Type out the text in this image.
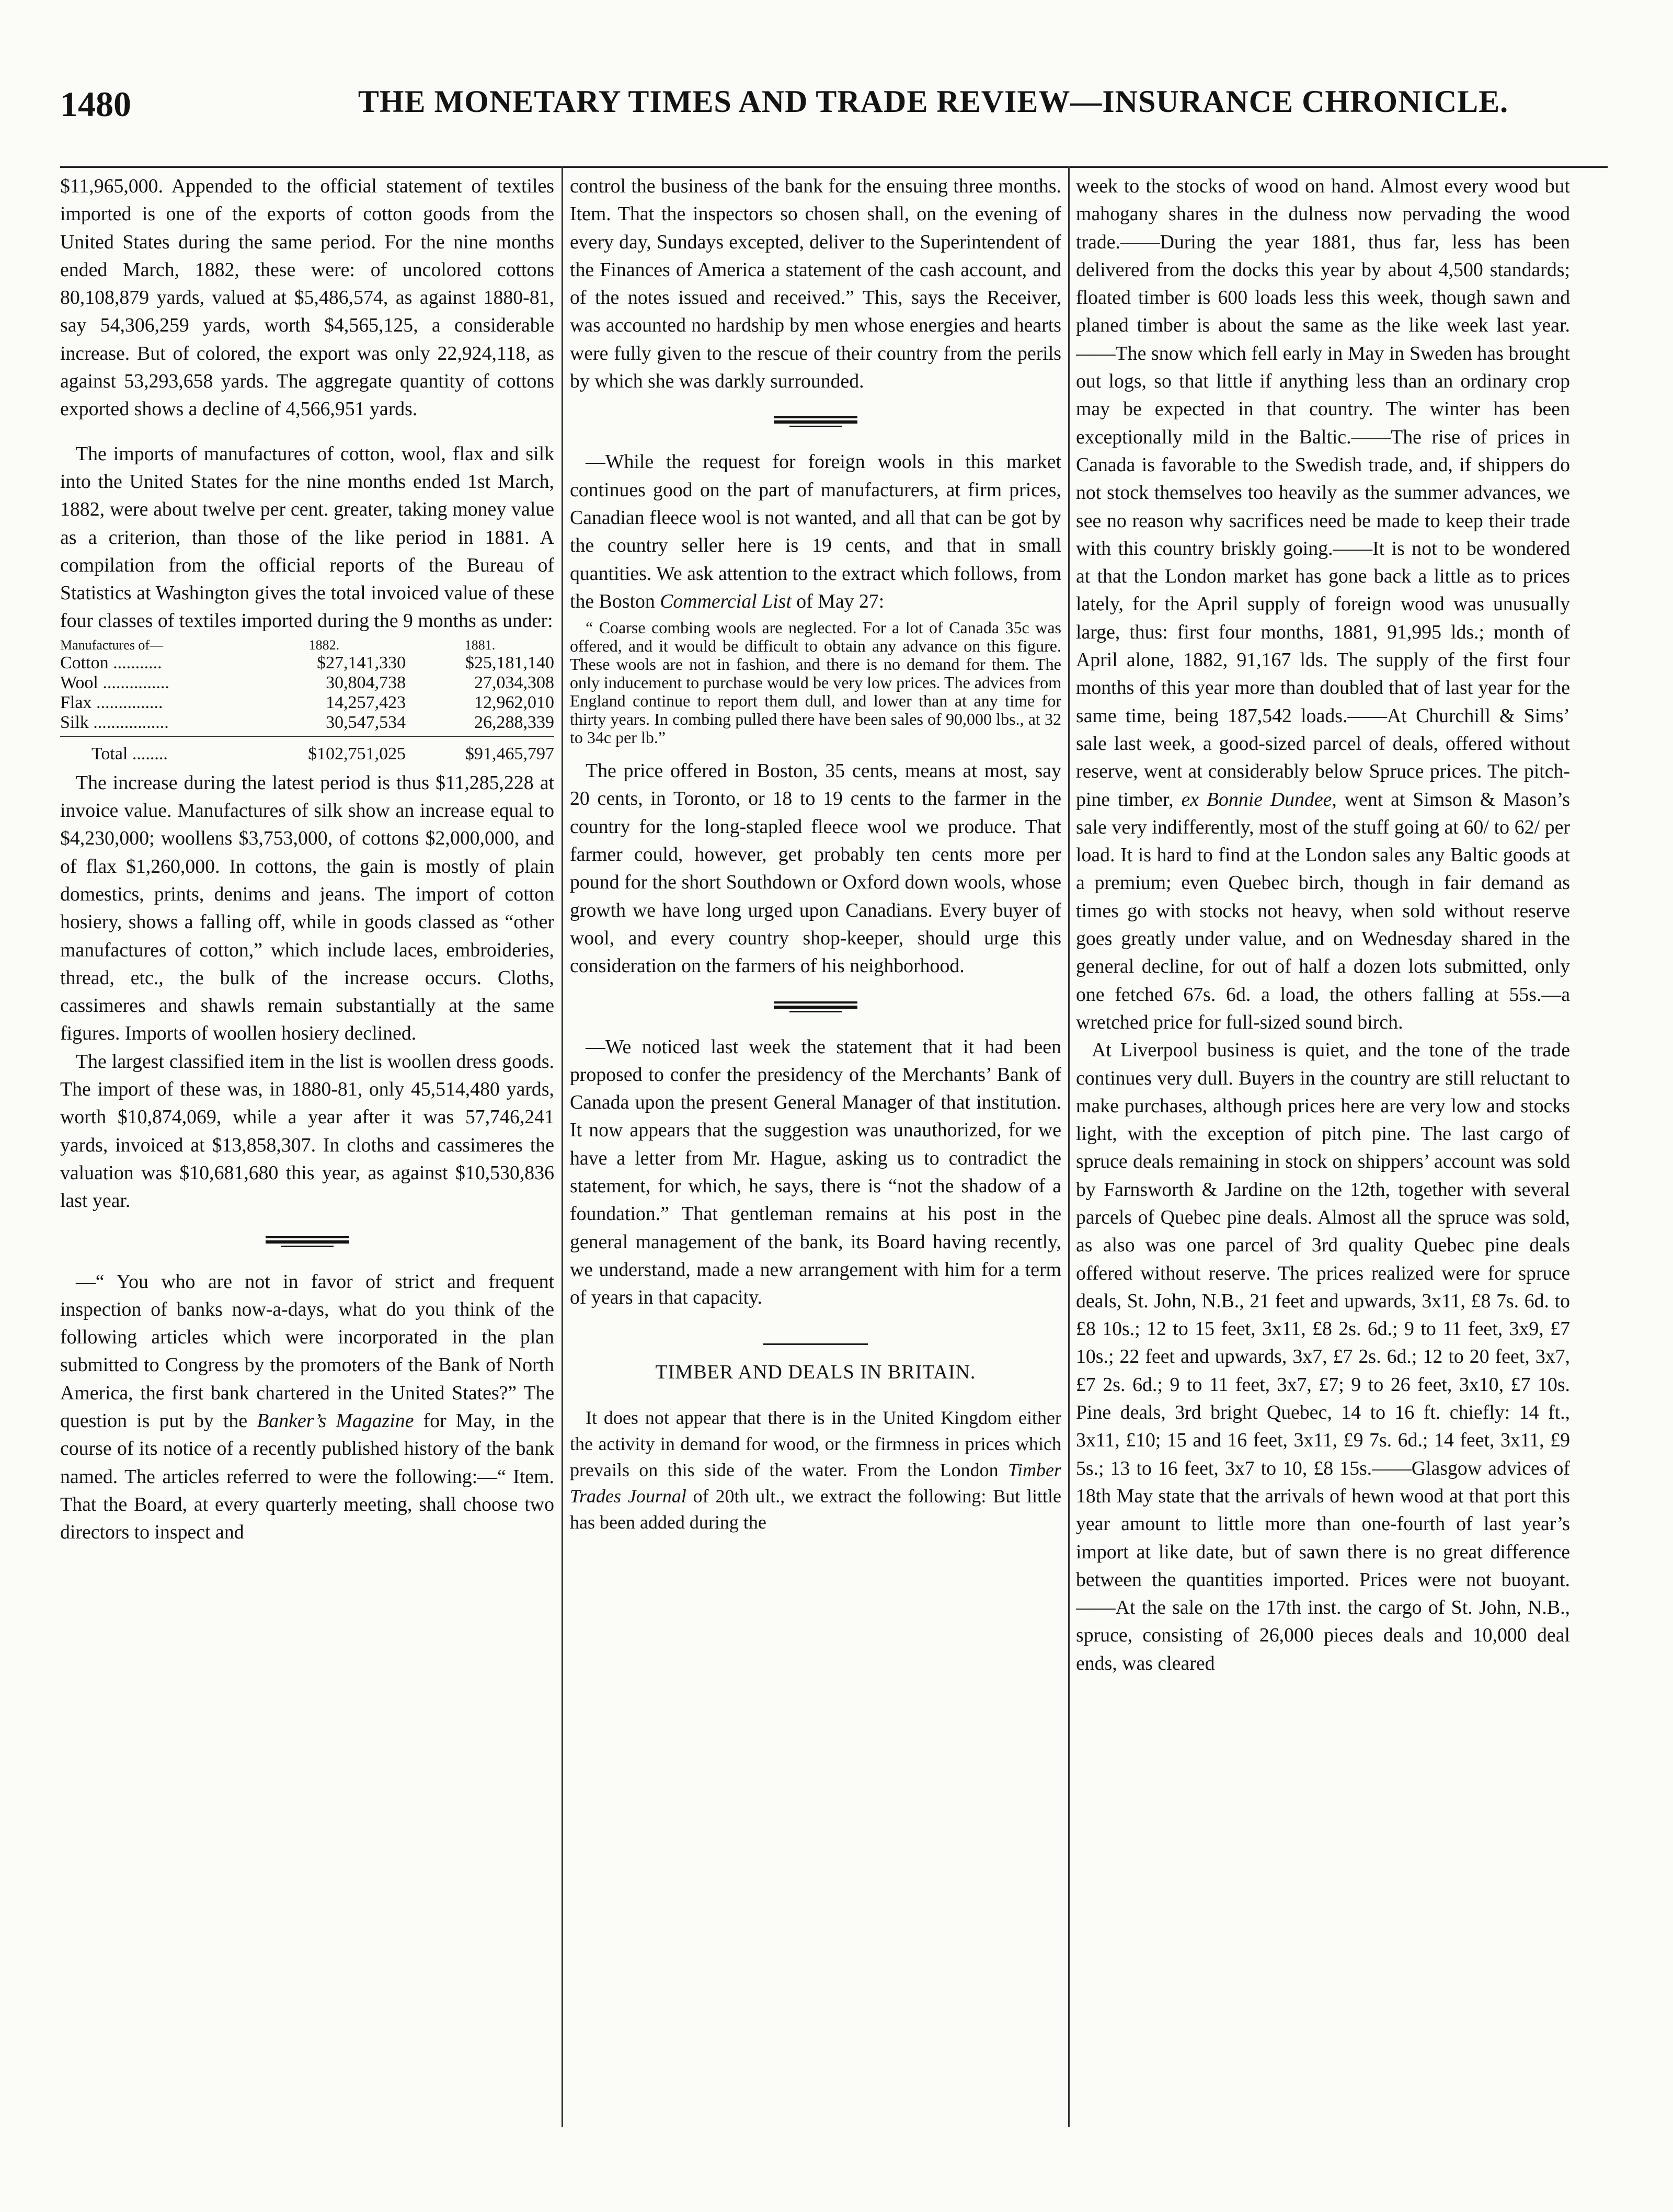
1480	THE MONETARY TIMES AND TRADE REVIEW—INSURANCE CHRONICLE.

$11,965,000. Appended to the official statement of textiles imported is one of the exports of cotton goods from the United States during the same period. For the nine months ended March, 1882, these were: of uncolored cottons 80,108,879 yards, valued at $5,486,574, as against 1880-81, say 54,306,259 yards, worth $4,565,125, a considerable increase. But of colored, the export was only 22,924,118, as against 53,293,658 yards. The aggregate quantity of cottons exported shows a decline of 4,566,951 yards.

The imports of manufactures of cotton, wool, flax and silk into the United States for the nine months ended 1st March, 1882, were about twelve per cent. greater, taking money value as a criterion, than those of the like period in 1881. A compilation from the official reports of the Bureau of Statistics at Washington gives the total invoiced value of these four classes of textiles imported during the 9 months as under:

Manufactures of—	1882.	1881.
Cotton ...........	$27,141,330	$25,181,140
Wool ...............	30,804,738	27,034,308
Flax ...............	14,257,423	12,962,010
Silk .................	30,547,534	26,288,339
Total ........	$102,751,025	$91,465,797

The increase during the latest period is thus $11,285,228 at invoice value. Manufactures of silk show an increase equal to $4,230,000; woollens $3,753,000, of cottons $2,000,000, and of flax $1,260,000. In cottons, the gain is mostly of plain domestics, prints, denims and jeans. The import of cotton hosiery, shows a falling off, while in goods classed as “other manufactures of cotton,” which include laces, embroideries, thread, etc., the bulk of the increase occurs. Cloths, cassimeres and shawls remain substantially at the same figures. Imports of woollen hosiery declined.

The largest classified item in the list is woollen dress goods. The import of these was, in 1880-81, only 45,514,480 yards, worth $10,874,069, while a year after it was 57,746,241 yards, invoiced at $13,858,307. In cloths and cassimeres the valuation was $10,681,680 this year, as against $10,530,836 last year.

—“ You who are not in favor of strict and frequent inspection of banks now-a-days, what do you think of the following articles which were incorporated in the plan submitted to Congress by the promoters of the Bank of North America, the first bank chartered in the United States?” The question is put by the Banker’s Magazine for May, in the course of its notice of a recently published history of the bank named. The articles referred to were the following:—“ Item. That the Board, at every quarterly meeting, shall choose two directors to inspect and

control the business of the bank for the ensuing three months. Item. That the inspectors so chosen shall, on the evening of every day, Sundays excepted, deliver to the Superintendent of the Finances of America a statement of the cash account, and of the notes issued and received.” This, says the Receiver, was accounted no hardship by men whose energies and hearts were fully given to the rescue of their country from the perils by which she was darkly surrounded.

—While the request for foreign wools in this market continues good on the part of manufacturers, at firm prices, Canadian fleece wool is not wanted, and all that can be got by the country seller here is 19 cents, and that in small quantities. We ask attention to the extract which follows, from the Boston Commercial List of May 27:

“ Coarse combing wools are neglected. For a lot of Canada 35c was offered, and it would be difficult to obtain any advance on this figure. These wools are not in fashion, and there is no demand for them. The only inducement to purchase would be very low prices. The advices from England continue to report them dull, and lower than at any time for thirty years. In combing pulled there have been sales of 90,000 lbs., at 32 to 34c per lb.”

The price offered in Boston, 35 cents, means at most, say 20 cents, in Toronto, or 18 to 19 cents to the farmer in the country for the long-stapled fleece wool we produce. That farmer could, however, get probably ten cents more per pound for the short Southdown or Oxford down wools, whose growth we have long urged upon Canadians. Every buyer of wool, and every country shop-keeper, should urge this consideration on the farmers of his neighborhood.

—We noticed last week the statement that it had been proposed to confer the presidency of the Merchants’ Bank of Canada upon the present General Manager of that institution. It now appears that the suggestion was unauthorized, for we have a letter from Mr. Hague, asking us to contradict the statement, for which, he says, there is “not the shadow of a foundation.” That gentleman remains at his post in the general management of the bank, its Board having recently, we understand, made a new arrangement with him for a term of years in that capacity.

TIMBER AND DEALS IN BRITAIN.

It does not appear that there is in the United Kingdom either the activity in demand for wood, or the firmness in prices which prevails on this side of the water. From the London Timber Trades Journal of 20th ult., we extract the following: But little has been added during the

week to the stocks of wood on hand. Almost every wood but mahogany shares in the dulness now pervading the wood trade.——During the year 1881, thus far, less has been delivered from the docks this year by about 4,500 standards; floated timber is 600 loads less this week, though sawn and planed timber is about the same as the like week last year.——The snow which fell early in May in Sweden has brought out logs, so that little if anything less than an ordinary crop may be expected in that country. The winter has been exceptionally mild in the Baltic.——The rise of prices in Canada is favorable to the Swedish trade, and, if shippers do not stock themselves too heavily as the summer advances, we see no reason why sacrifices need be made to keep their trade with this country briskly going.——It is not to be wondered at that the London market has gone back a little as to prices lately, for the April supply of foreign wood was unusually large, thus: first four months, 1881, 91,995 lds.; month of April alone, 1882, 91,167 lds. The supply of the first four months of this year more than doubled that of last year for the same time, being 187,542 loads.——At Churchill & Sims’ sale last week, a good-sized parcel of deals, offered without reserve, went at considerably below Spruce prices. The pitch-pine timber, ex Bonnie Dundee, went at Simson & Mason’s sale very indifferently, most of the stuff going at 60/ to 62/ per load. It is hard to find at the London sales any Baltic goods at a premium; even Quebec birch, though in fair demand as times go with stocks not heavy, when sold without reserve goes greatly under value, and on Wednesday shared in the general decline, for out of half a dozen lots submitted, only one fetched 67s. 6d. a load, the others falling at 55s.—a wretched price for full-sized sound birch.

At Liverpool business is quiet, and the tone of the trade continues very dull. Buyers in the country are still reluctant to make purchases, although prices here are very low and stocks light, with the exception of pitch pine. The last cargo of spruce deals remaining in stock on shippers’ account was sold by Farnsworth & Jardine on the 12th, together with several parcels of Quebec pine deals. Almost all the spruce was sold, as also was one parcel of 3rd quality Quebec pine deals offered without reserve. The prices realized were for spruce deals, St. John, N.B., 21 feet and upwards, 3x11, £8 7s. 6d. to £8 10s.; 12 to 15 feet, 3x11, £8 2s. 6d.; 9 to 11 feet, 3x9, £7 10s.; 22 feet and upwards, 3x7, £7 2s. 6d.; 12 to 20 feet, 3x7, £7 2s. 6d.; 9 to 11 feet, 3x7, £7; 9 to 26 feet, 3x10, £7 10s. Pine deals, 3rd bright Quebec, 14 to 16 ft. chiefly: 14 ft., 3x11, £10; 15 and 16 feet, 3x11, £9 7s. 6d.; 14 feet, 3x11, £9 5s.; 13 to 16 feet, 3x7 to 10, £8 15s.——Glasgow advices of 18th May state that the arrivals of hewn wood at that port this year amount to little more than one-fourth of last year’s import at like date, but of sawn there is no great difference between the quantities imported. Prices were not buoyant.——At the sale on the 17th inst. the cargo of St. John, N.B., spruce, consisting of 26,000 pieces deals and 10,000 deal ends, was cleared
